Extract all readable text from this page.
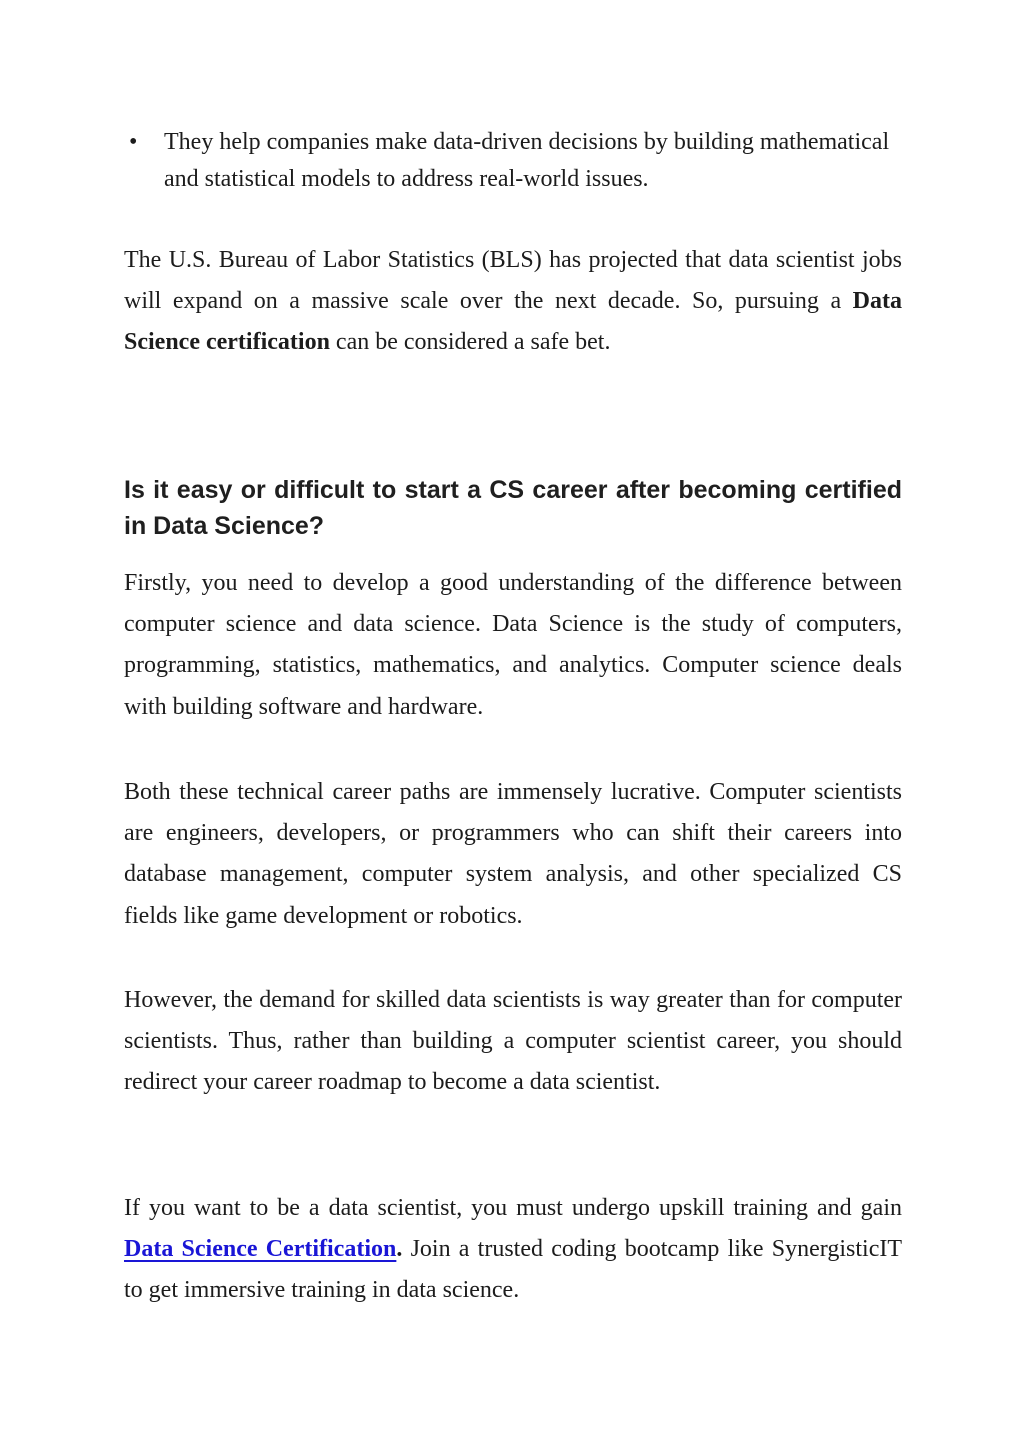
• They help companies make data-driven decisions by building mathematical and statistical models to address real-world issues.

The U.S. Bureau of Labor Statistics (BLS) has projected that data scientist jobs will expand on a massive scale over the next decade. So, pursuing a Data Science certification can be considered a safe bet.

Is it easy or difficult to start a CS career after becoming certified in Data Science?

Firstly, you need to develop a good understanding of the difference between computer science and data science. Data Science is the study of computers, programming, statistics, mathematics, and analytics. Computer science deals with building software and hardware.

Both these technical career paths are immensely lucrative. Computer scientists are engineers, developers, or programmers who can shift their careers into database management, computer system analysis, and other specialized CS fields like game development or robotics.

However, the demand for skilled data scientists is way greater than for computer scientists. Thus, rather than building a computer scientist career, you should redirect your career roadmap to become a data scientist.

If you want to be a data scientist, you must undergo upskill training and gain Data Science Certification. Join a trusted coding bootcamp like SynergisticIT to get immersive training in data science.
